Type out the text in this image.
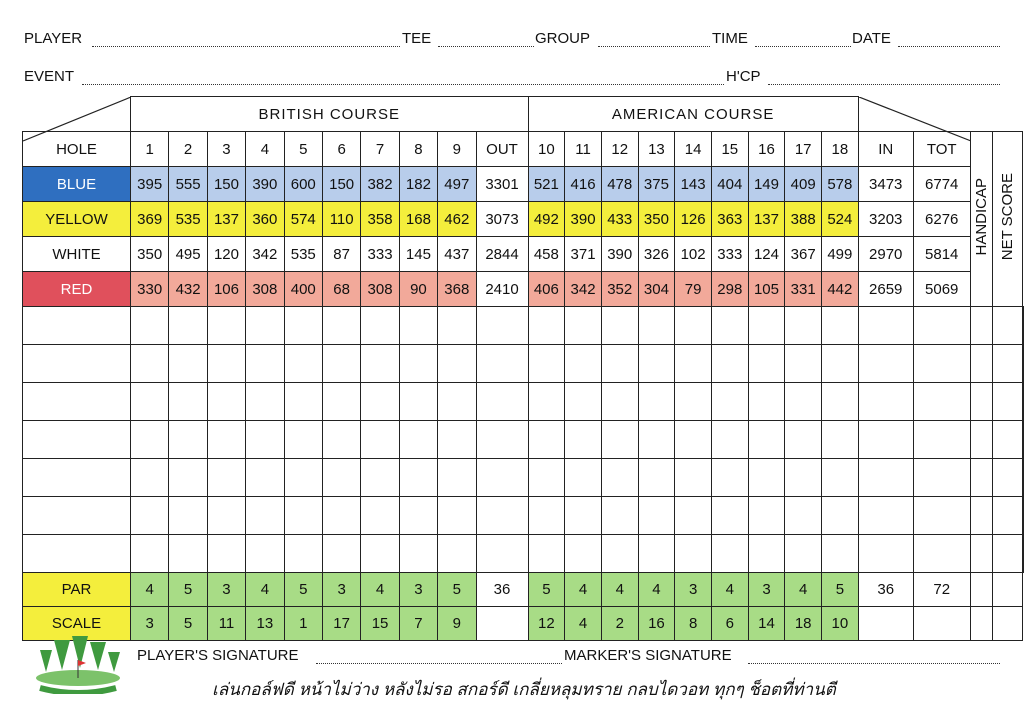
PLAYER	TEE	GROUP	TIME	DATE
EVENT	H'CP
	BRITISH COURSE										AMERICAN COURSE	

HOLE	1	2	3	4	5	6	7	8	9	OUT	10	11	12	13	14	15	16	17	18	IN	TOT	HANDICAP	NET SCORE	
BLUE	395	555	150	390	600	150	382	182	497	3301	521	416	478	375	143	404	149	409	578	3473	6774			
YELLOW	369	535	137	360	574	110	358	168	462	3073	492	390	433	350	126	363	137	388	524	3203	6276			
WHITE	350	495	120	342	535	87	333	145	437	2844	458	371	390	326	102	333	124	367	499	2970	5814			
RED	330	432	106	308	400	68	308	90	368	2410	406	342	352	304	79	298	105	331	442	2659	5069			

PAR	4	5	3	4	5	3	4	3	5	36	5	4	4	4	3	4	3	4	5	36	72			
SCALE	3	5	11	13	1	17	15	7	9		12	4	2	16	8	6	14	18	10					
PLAYER'S SIGNATURE	MARKER'S SIGNATURE
เล่นกอล์ฟดี หน้าไม่ว่าง หลังไม่รอ สกอร์ดี เกลี่ยหลุมทราย กลบไดวอท ทุกๆ ช็อตที่ท่านตี
